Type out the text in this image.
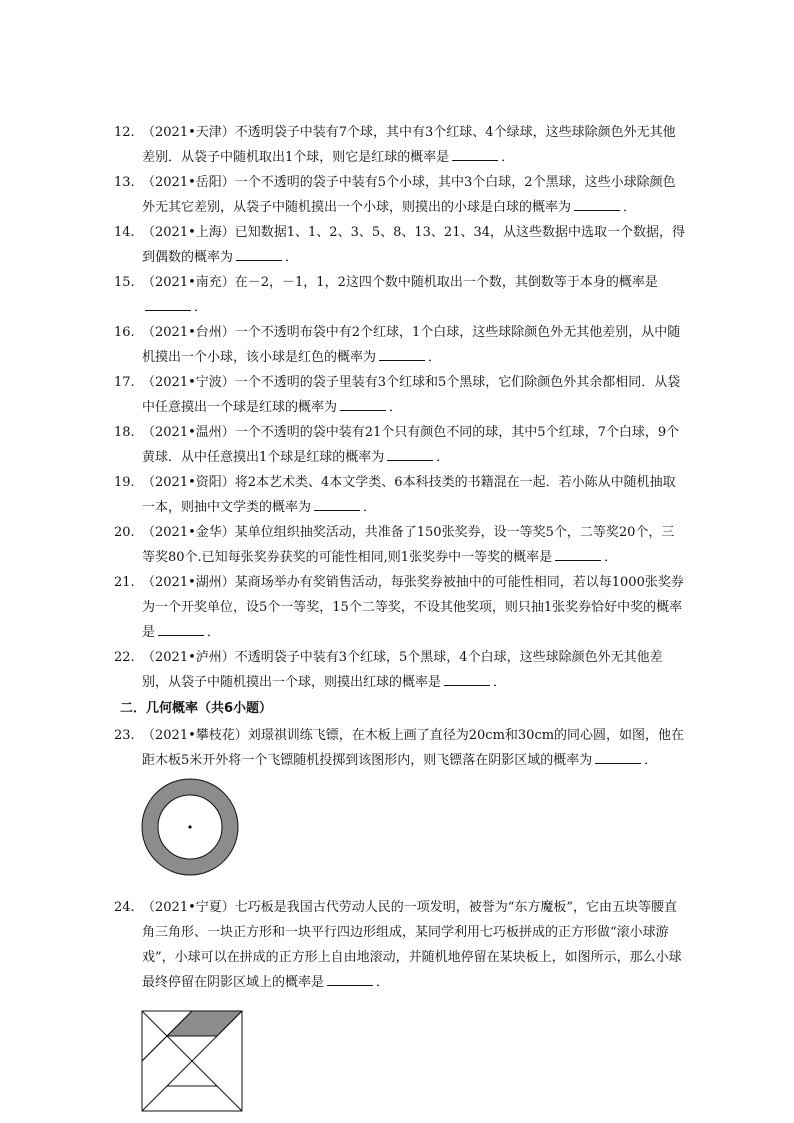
12. （2021•天津）不透明袋子中装有7个球，其中有3个红球、4个绿球，这些球除颜色外无其他差别．从袋子中随机取出1个球，则它是红球的概率是	．
13. （2021•岳阳）一个不透明的袋子中装有5个小球，其中3个白球，2个黑球，这些小球除颜色外无其它差别，从袋子中随机摸出一个小球，则摸出的小球是白球的概率为	．
14. （2021•上海）已知数据1、1、2、3、5、8、13、21、34，从这些数据中选取一个数据，得到偶数的概率为	．
15. （2021•南充）在－2，－1，1，2这四个数中随机取出一个数，其倒数等于本身的概率是．
16. （2021•台州）一个不透明布袋中有2个红球，1个白球，这些球除颜色外无其他差别，从中随机摸出一个小球，该小球是红色的概率为	．
17. （2021•宁波）一个不透明的袋子里装有3个红球和5个黑球，它们除颜色外其余都相同．从袋中任意摸出一个球是红球的概率为	．
18. （2021•温州）一个不透明的袋中装有21个只有颜色不同的球，其中5个红球，7个白球，9个黄球．从中任意摸出1个球是红球的概率为	．
19. （2021•资阳）将2本艺术类、4本文学类、6本科技类的书籍混在一起．若小陈从中随机抽取一本，则抽中文学类的概率为	．
20. （2021•金华）某单位组织抽奖活动，共准备了150张奖券，设一等奖5个，二等奖20个，三等奖80个.已知每张奖券获奖的可能性相同,则1张奖券中一等奖的概率是	．
21. （2021•湖州）某商场举办有奖销售活动，每张奖券被抽中的可能性相同，若以每1000张奖券为一个开奖单位，设5个一等奖，15个二等奖，不设其他奖项，则只抽1张奖券恰好中奖的概率是	．
22. （2021•泸州）不透明袋子中装有3个红球，5个黑球，4个白球，这些球除颜色外无其他差别，从袋子中随机摸出一个球，则摸出红球的概率是	．
二．几何概率（共6小题）
23. （2021•攀枝花）刘璟祺训练飞镖，在木板上画了直径为20cm和30cm的同心圆，如图，他在距木板5米开外将一个飞镖随机投掷到该图形内，则飞镖落在阴影区域的概率为	．
24. （2021•宁夏）七巧板是我国古代劳动人民的一项发明，被誉为“东方魔板”，它由五块等腰直角三角形、一块正方形和一块平行四边形组成，某同学利用七巧板拼成的正方形做“滚小球游戏”，小球可以在拼成的正方形上自由地滚动，并随机地停留在某块板上，如图所示，那么小球最终停留在阴影区域上的概率是	．
